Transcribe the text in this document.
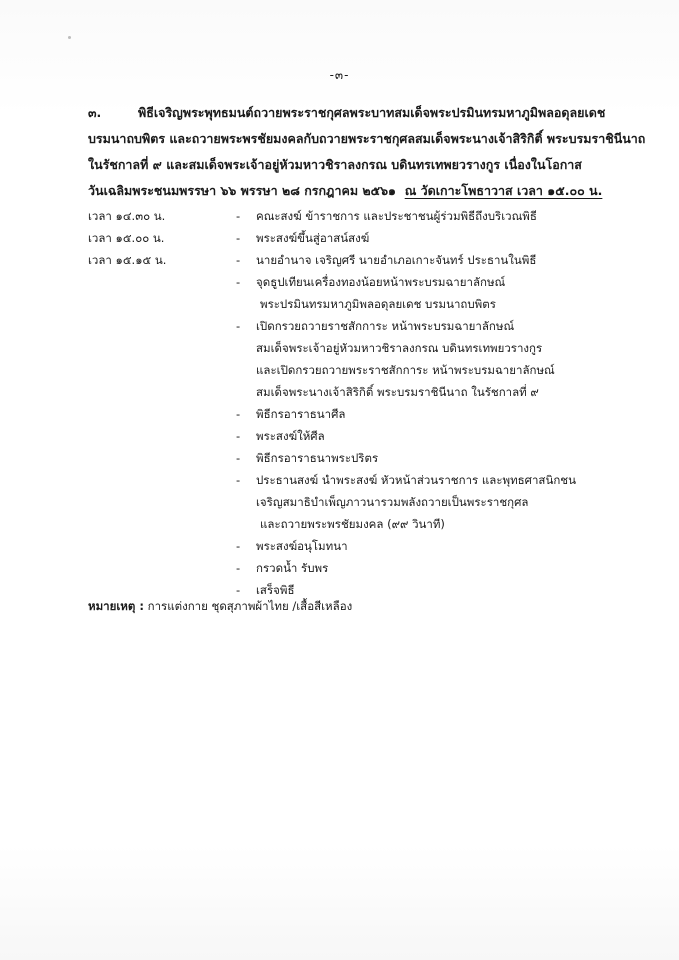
-๓-
๓.	พิธีเจริญพระพุทธมนต์ถวายพระราชกุศลพระบาทสมเด็จพระปรมินทรมหาภูมิพลอดุลยเดช
บรมนาถบพิตร และถวายพระพรชัยมงคลกับถวายพระราชกุศลสมเด็จพระนางเจ้าสิริกิติ์ พระบรมราชินีนาถ
ในรัชกาลที่ ๙ และสมเด็จพระเจ้าอยู่หัวมหาวชิราลงกรณ บดินทรเทพยวรางกูร เนื่องในโอกาส
วันเฉลิมพระชนมพรรษา ๖๖ พรรษา ๒๘ กรกฎาคม ๒๕๖๑ ณ วัดเกาะโพธาวาส เวลา ๑๕.๐๐ น.
เวลา ๑๔.๓๐ น.	-	คณะสงฆ์ ข้าราชการ และประชาชนผู้ร่วมพิธีถึงบริเวณพิธี
เวลา ๑๕.๐๐ น.	-	พระสงฆ์ขึ้นสู่อาสน์สงฆ์
เวลา ๑๕.๑๕ น.	-	นายอำนาจ เจริญศรี นายอำเภอเกาะจันทร์ ประธานในพิธี
-	จุดธูปเทียนเครื่องทองน้อยหน้าพระบรมฉายาลักษณ์
พระปรมินทรมหาภูมิพลอดุลยเดช บรมนาถบพิตร
-	เปิดกรวยถวายราชสักการะ หน้าพระบรมฉายาลักษณ์
สมเด็จพระเจ้าอยู่หัวมหาวชิราลงกรณ บดินทรเทพยวรางกูร
และเปิดกรวยถวายพระราชสักการะ หน้าพระบรมฉายาลักษณ์
สมเด็จพระนางเจ้าสิริกิติ์ พระบรมราชินีนาถ ในรัชกาลที่ ๙
-	พิธีกรอาราธนาศีล
-	พระสงฆ์ให้ศีล
-	พิธีกรอาราธนาพระปริตร
-	ประธานสงฆ์ นำพระสงฆ์ หัวหน้าส่วนราชการ และพุทธศาสนิกชน
เจริญสมาธิบำเพ็ญภาวนารวมพลังถวายเป็นพระราชกุศล
และถวายพระพรชัยมงคล (๙๙ วินาที)
-	พระสงฆ์อนุโมทนา
-	กรวดน้ำ รับพร
-	เสร็จพิธี
หมายเหตุ : การแต่งกาย ชุดสุภาพผ้าไทย /เสื้อสีเหลือง
